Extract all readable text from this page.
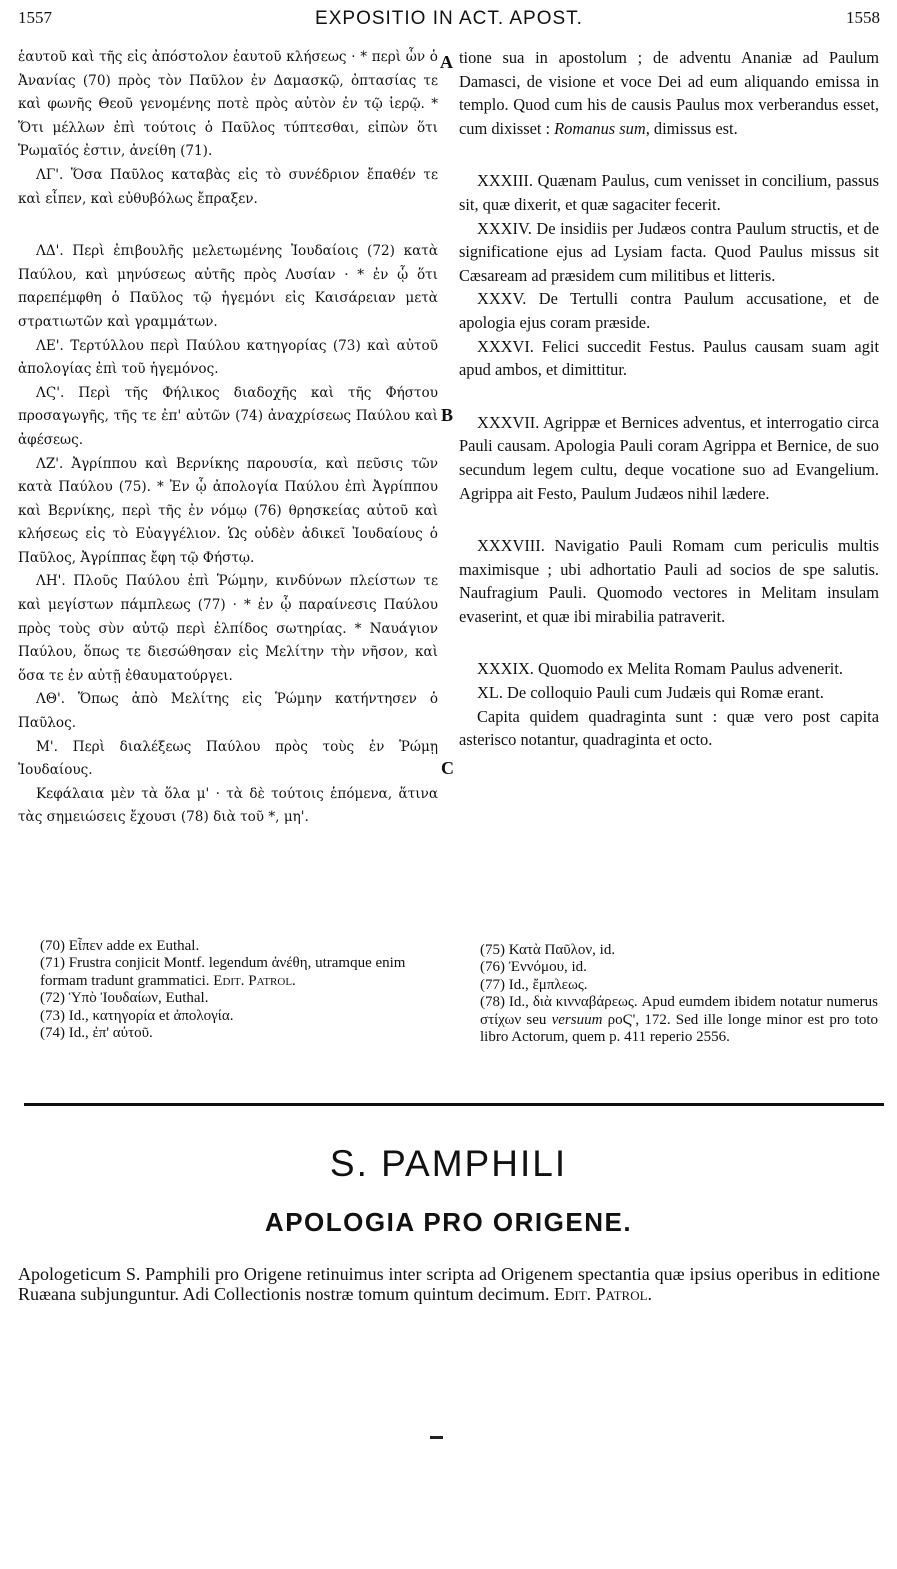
1557	EXPOSITIO IN ACT. APOST.	1558

ἑαυτοῦ καὶ τῆς εἰς ἀπόστολον ἑαυτοῦ κλήσεως · * περὶ ὧν ὁ Ἀνανίας (70) πρὸς τὸν Παῦλον ἐν Δαμασκῷ, ὀπτασίας τε καὶ φωνῆς Θεοῦ γενομένης ποτὲ πρὸς αὐτὸν ἐν τῷ ἱερῷ. * Ὅτι μέλλων ἐπὶ τούτοις ὁ Παῦλος τύπτεσθαι, εἰπὼν ὅτι Ῥωμαῖός ἐστιν, ἀνείθη (71).

ΛΓ'. Ὅσα Παῦλος καταβὰς εἰς τὸ συνέδριον ἔπαθέν τε καὶ εἶπεν, καὶ εὐθυβόλως ἔπραξεν.

ΛΔ'. Περὶ ἐπιβουλῆς μελετωμένης Ἰουδαίοις (72) κατὰ Παύλου, καὶ μηνύσεως αὐτῆς πρὸς Λυσίαν · * ἐν ᾧ ὅτι παρεπέμφθη ὁ Παῦλος τῷ ἡγεμόνι εἰς Καισάρειαν μετὰ στρατιωτῶν καὶ γραμμάτων.

ΛΕ'. Τερτύλλου περὶ Παύλου κατηγορίας (73) καὶ αὐτοῦ ἀπολογίας ἐπὶ τοῦ ἡγεμόνος.

ΛϚ'. Περὶ τῆς Φήλικος διαδοχῆς καὶ τῆς Φήστου προσαγωγῆς, τῆς τε ἐπ' αὐτῶν (74) ἀναχρίσεως Παύλου καὶ ἀφέσεως.

ΛΖ'. Ἀγρίππου καὶ Βερνίκης παρουσία, καὶ πεῦσις τῶν κατὰ Παύλου (75). * Ἐν ᾧ ἀπολογία Παύλου ἐπὶ Ἀγρίππου καὶ Βερνίκης, περὶ τῆς ἐν νόμῳ (76) θρησκείας αὐτοῦ καὶ κλήσεως εἰς τὸ Εὐαγγέλιον. Ὡς οὐδὲν ἀδικεῖ Ἰουδαίους ὁ Παῦλος, Ἀγρίππας ἔφη τῷ Φήστῳ.

ΛΗ'. Πλοῦς Παύλου ἐπὶ Ῥώμην, κινδύνων πλείστων τε καὶ μεγίστων πάμπλεως (77) · * ἐν ᾧ παραίνεσις Παύλου πρὸς τοὺς σὺν αὐτῷ περὶ ἐλπίδος σωτηρίας. * Ναυάγιον Παύλου, ὅπως τε διεσώθησαν εἰς Μελίτην τὴν νῆσον, καὶ ὅσα τε ἐν αὐτῇ ἐθαυματούργει.

ΛΘ'. Ὅπως ἀπὸ Μελίτης εἰς Ῥώμην κατήντησεν ὁ Παῦλος.

Μ'. Περὶ διαλέξεως Παύλου πρὸς τοὺς ἐν Ῥώμῃ Ἰουδαίους.

Κεφάλαια μὲν τὰ ὅλα μ' · τὰ δὲ τούτοις ἑπόμενα, ἅτινα τὰς σημειώσεις ἔχουσι (78) διὰ τοῦ *, μη'.

A
B
C

tione sua in apostolum ; de adventu Ananiæ ad Paulum Damasci, de visione et voce Dei ad eum aliquando emissa in templo. Quod cum his de causis Paulus mox verberandus esset, cum dixisset : Romanus sum, dimissus est.

XXXIII. Quænam Paulus, cum venisset in concilium, passus sit, quæ dixerit, et quæ sagaciter fecerit.

XXXIV. De insidiis per Judæos contra Paulum structis, et de significatione ejus ad Lysiam facta. Quod Paulus missus sit Cæsaream ad præsidem cum militibus et litteris.

XXXV. De Tertulli contra Paulum accusatione, et de apologia ejus coram præside.

XXXVI. Felici succedit Festus. Paulus causam suam agit apud ambos, et dimittitur.

XXXVII. Agrippæ et Bernices adventus, et interrogatio circa Pauli causam. Apologia Pauli coram Agrippa et Bernice, de suo secundum legem cultu, deque vocatione suo ad Evangelium. Agrippa ait Festo, Paulum Judæos nihil lædere.

XXXVIII. Navigatio Pauli Romam cum periculis multis maximisque ; ubi adhortatio Pauli ad socios de spe salutis. Naufragium Pauli. Quomodo vectores in Melitam insulam evaserint, et quæ ibi mirabilia patraverit.

XXXIX. Quomodo ex Melita Romam Paulus advenerit.

XL. De colloquio Pauli cum Judæis qui Romæ erant.

Capita quidem quadraginta sunt : quæ vero post capita asterisco notantur, quadraginta et octo.

(70) Εἶπεν adde ex Euthal.

(71) Frustra conjicit Montf. legendum ἀνέθη, utramque enim formam tradunt grammatici. Edit. Patrol.

(72) Ὑπὸ Ἰουδαίων, Euthal.

(73) Id., κατηγορία et ἀπολογία.

(74) Id., ἐπ' αὐτοῦ.

(75) Κατὰ Παῦλον, id.

(76) Ἐννόμου, id.

(77) Id., ἔμπλεως.

(78) Id., διὰ κινναβάρεως. Apud eumdem ibidem notatur numerus στίχων seu versuum ροϚ', 172. Sed ille longe minor est pro toto libro Actorum, quem p. 411 reperio 2556.

S. PAMPHILI
APOLOGIA PRO ORIGENE.

Apologeticum S. Pamphili pro Origene retinuimus inter scripta ad Origenem spectantia quæ ipsius operibus in editione Ruæana subjunguntur. Adi Collectionis nostræ tomum quintum decimum. Edit. Patrol.
